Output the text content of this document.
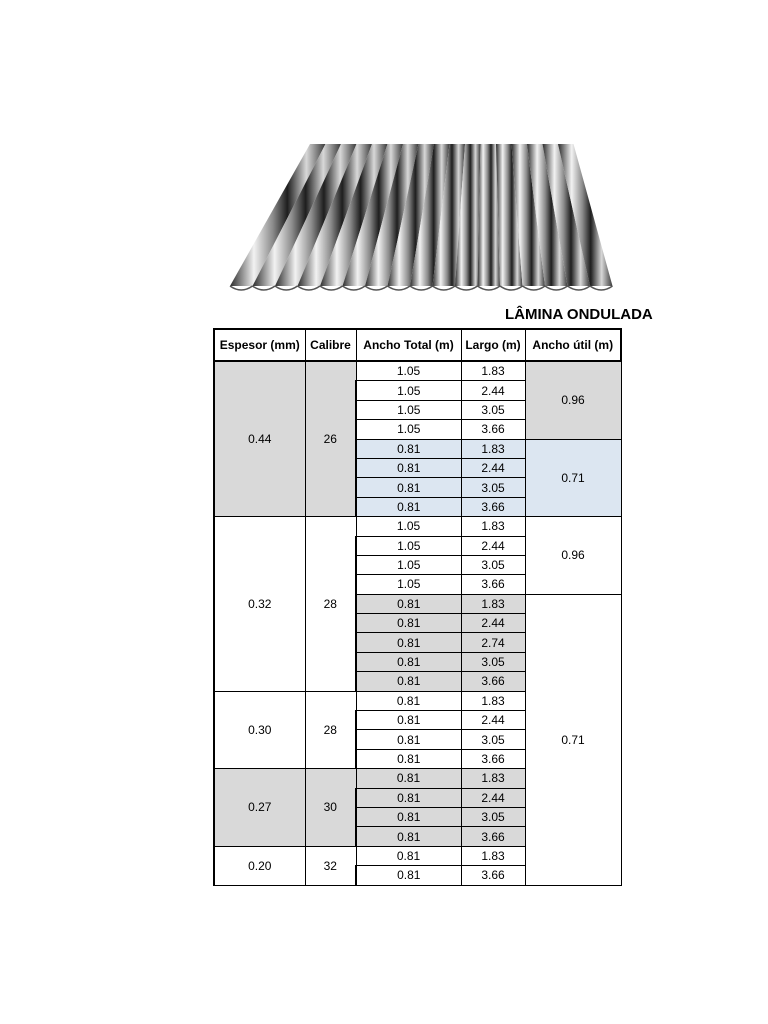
LÂMINA ONDULADA
Espesor (mm)	Calibre	Ancho Total (m)	Largo (m)	Ancho útil (m)
0.44	26	1.05	1.83	0.96
		1.05	2.44	
		1.05	3.05	
		1.05	3.66	
		0.81	1.83	0.71
		0.81	2.44	
		0.81	3.05	
		0.81	3.66	
0.32	28	1.05	1.83	0.96
		1.05	2.44	
		1.05	3.05	
		1.05	3.66	
		0.81	1.83	0.71
		0.81	2.44	
		0.81	2.74	
		0.81	3.05	
		0.81	3.66	
0.30	28	0.81	1.83	
		0.81	2.44	
		0.81	3.05	
		0.81	3.66	
0.27	30	0.81	1.83	
		0.81	2.44	
		0.81	3.05	
		0.81	3.66	
0.20	32	0.81	1.83	
		0.81	3.66	
